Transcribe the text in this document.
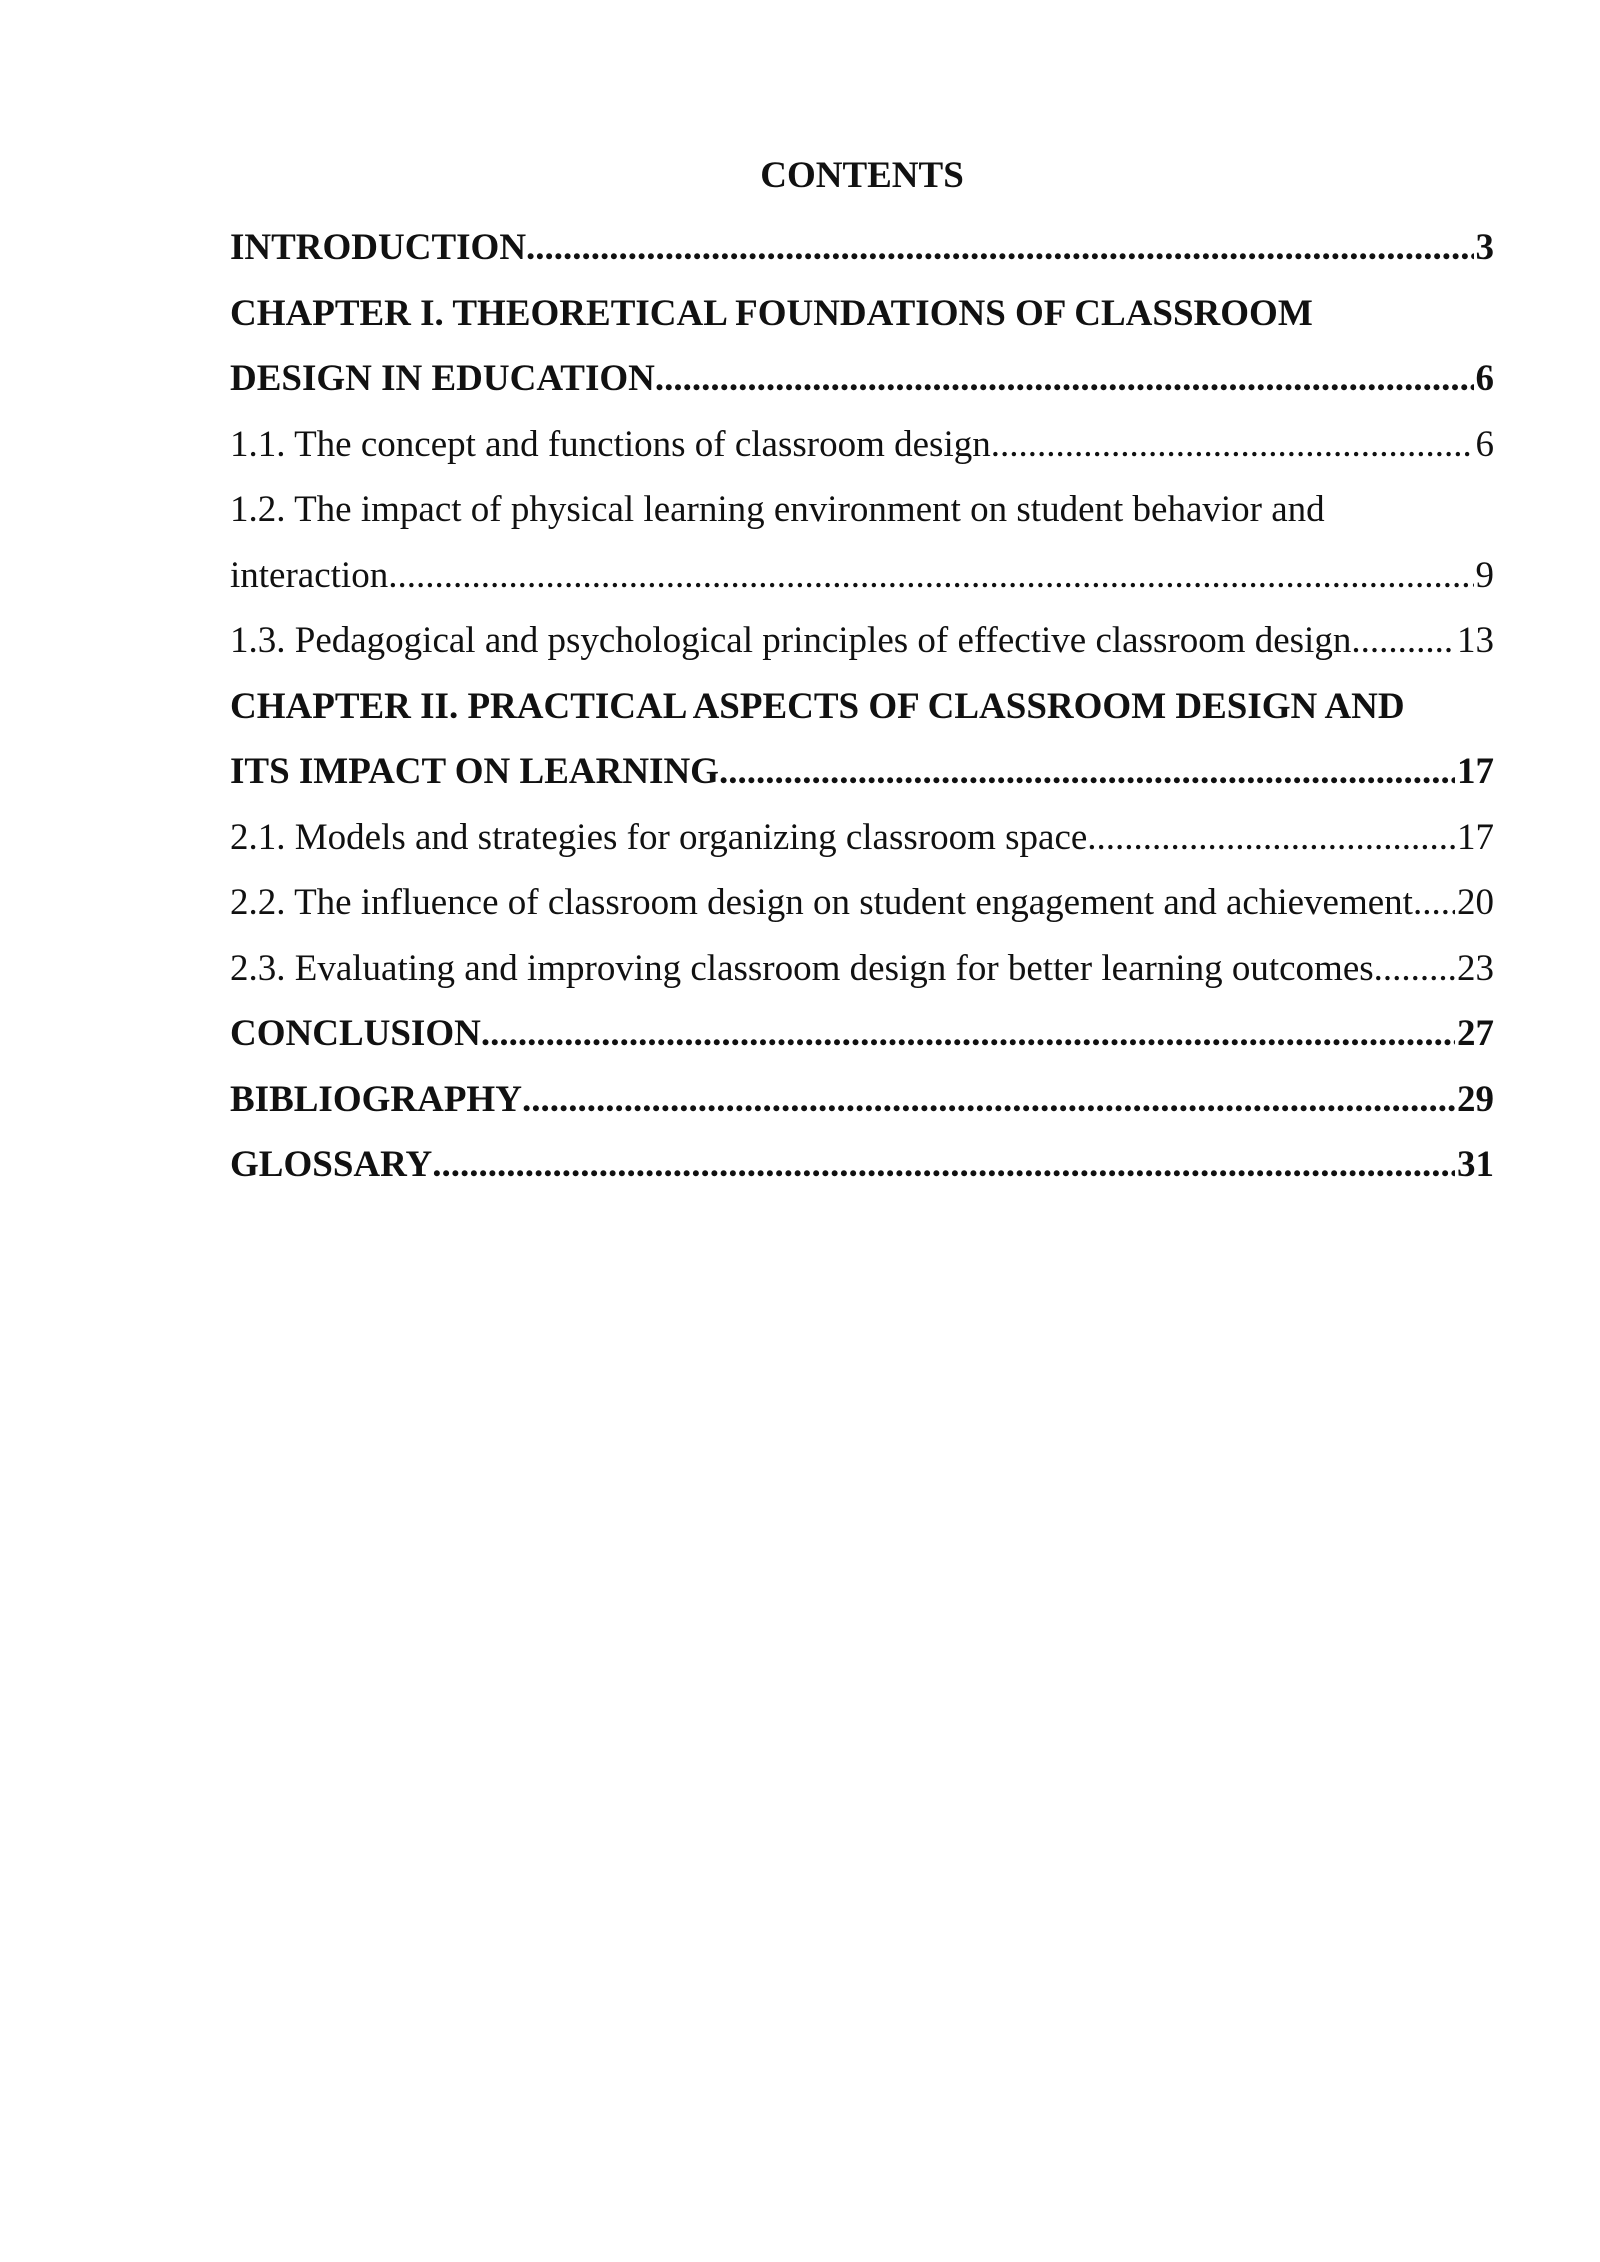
CONTENTS
INTRODUCTION .....	3
CHAPTER I. THEORETICAL FOUNDATIONS OF CLASSROOM
DESIGN IN EDUCATION .....	6
1.1. The concept and functions of classroom design .....	6
1.2. The impact of physical learning environment on student behavior and
interaction .....	9
1.3. Pedagogical and psychological principles of effective classroom design .....	13
CHAPTER II. PRACTICAL ASPECTS OF CLASSROOM DESIGN AND
ITS IMPACT ON LEARNING .....	17
2.1. Models and strategies for organizing classroom space .....	17
2.2. The influence of classroom design on student engagement and achievement. ..... 20
2.3. Evaluating and improving classroom design for better learning outcomes. ..... 23
CONCLUSION .....	27
BIBLIOGRAPHY .....	29
GLOSSARY .....	31
